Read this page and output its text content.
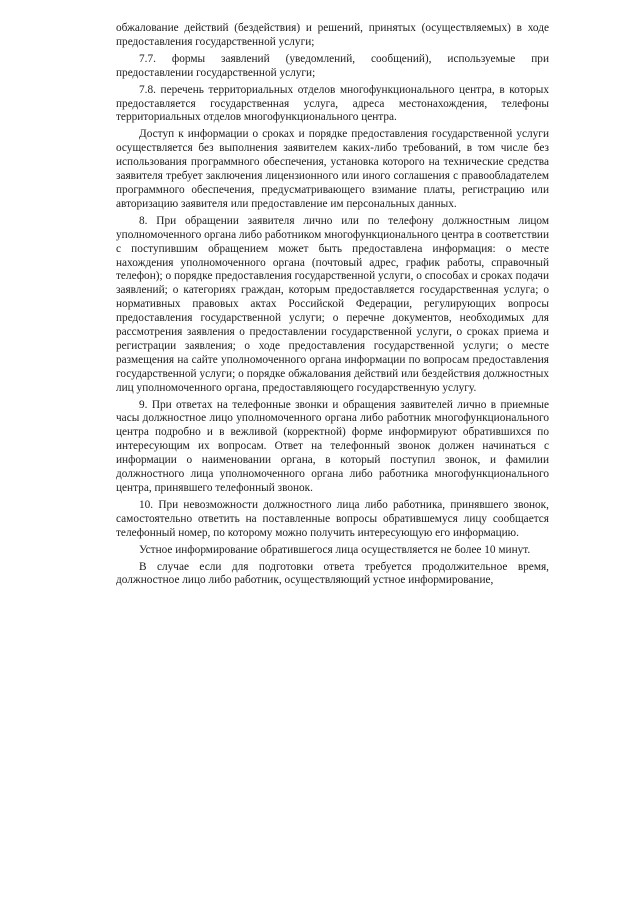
обжалование действий (бездействия) и решений, принятых (осуществляемых) в ходе предоставления государственной услуги;

7.7. формы заявлений (уведомлений, сообщений), используемые при предоставлении государственной услуги;

7.8. перечень территориальных отделов многофункционального центра, в которых предоставляется государственная услуга, адреса местонахождения, телефоны территориальных отделов многофункционального центра.

Доступ к информации о сроках и порядке предоставления государственной услуги осуществляется без выполнения заявителем каких-либо требований, в том числе без использования программного обеспечения, установка которого на технические средства заявителя требует заключения лицензионного или иного соглашения с правообладателем программного обеспечения, предусматривающего взимание платы, регистрацию или авторизацию заявителя или предоставление им персональных данных.

8. При обращении заявителя лично или по телефону должностным лицом уполномоченного органа либо работником многофункционального центра в соответствии с поступившим обращением может быть предоставлена информация: о месте нахождения уполномоченного органа (почтовый адрес, график работы, справочный телефон); о порядке предоставления государственной услуги, о способах и сроках подачи заявлений; о категориях граждан, которым предоставляется государственная услуга; о нормативных правовых актах Российской Федерации, регулирующих вопросы предоставления государственной услуги; о перечне документов, необходимых для рассмотрения заявления о предоставлении государственной услуги, о сроках приема и регистрации заявления; о ходе предоставления государственной услуги; о месте размещения на сайте уполномоченного органа информации по вопросам предоставления государственной услуги; о порядке обжалования действий или бездействия должностных лиц уполномоченного органа, предоставляющего государственную услугу.

9. При ответах на телефонные звонки и обращения заявителей лично в приемные часы должностное лицо уполномоченного органа либо работник многофункционального центра подробно и в вежливой (корректной) форме информируют обратившихся по интересующим их вопросам. Ответ на телефонный звонок должен начинаться с информации о наименовании органа, в который поступил звонок, и фамилии должностного лица уполномоченного органа либо работника многофункционального центра, принявшего телефонный звонок.

10. При невозможности должностного лица либо работника, принявшего звонок, самостоятельно ответить на поставленные вопросы обратившемуся лицу сообщается телефонный номер, по которому можно получить интересующую его информацию.

Устное информирование обратившегося лица осуществляется не более 10 минут.

В случае если для подготовки ответа требуется продолжительное время, должностное лицо либо работник, осуществляющий устное информирование,
